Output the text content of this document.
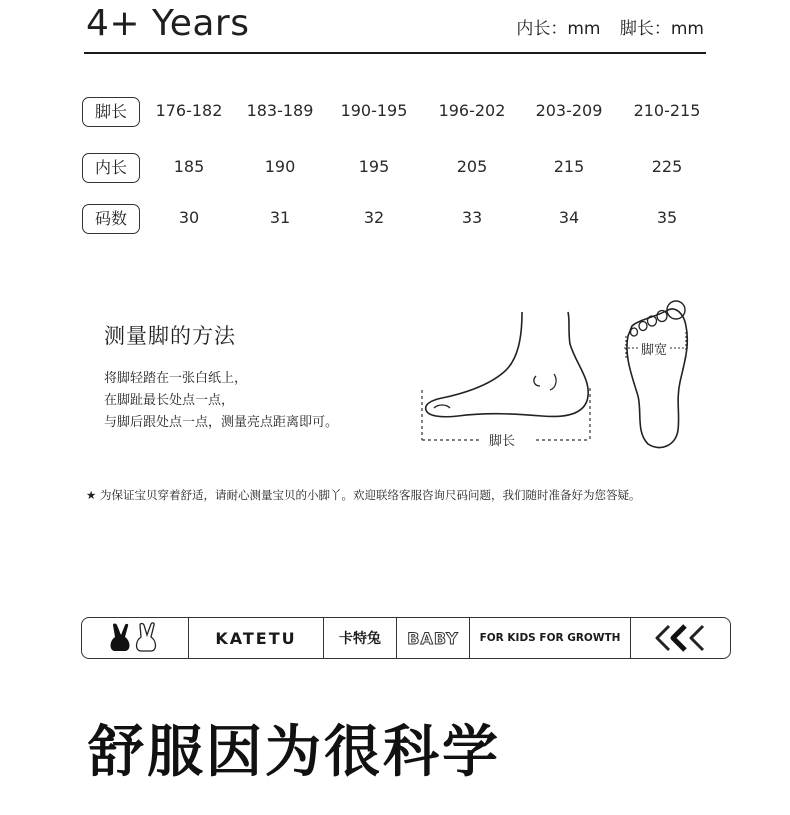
4+ Years	内长：mm 脚长：mm
脚长	176-182	183-189	190-195	196-202	203-209	210-215
内长	185	190	195	205	215	225
码数	30	31	32	33	34	35
测量脚的方法
将脚轻踏在一张白纸上，
在脚趾最长处点一点，
与脚后跟处点一点，测量亮点距离即可。
脚长
脚宽
★ 为保证宝贝穿着舒适，请耐心测量宝贝的小脚丫。欢迎联络客服咨询尺码问题，我们随时准备好为您答疑。
KATETU	卡特兔 BABY FOR KIDS FOR GROWTH
舒服因为很科学
